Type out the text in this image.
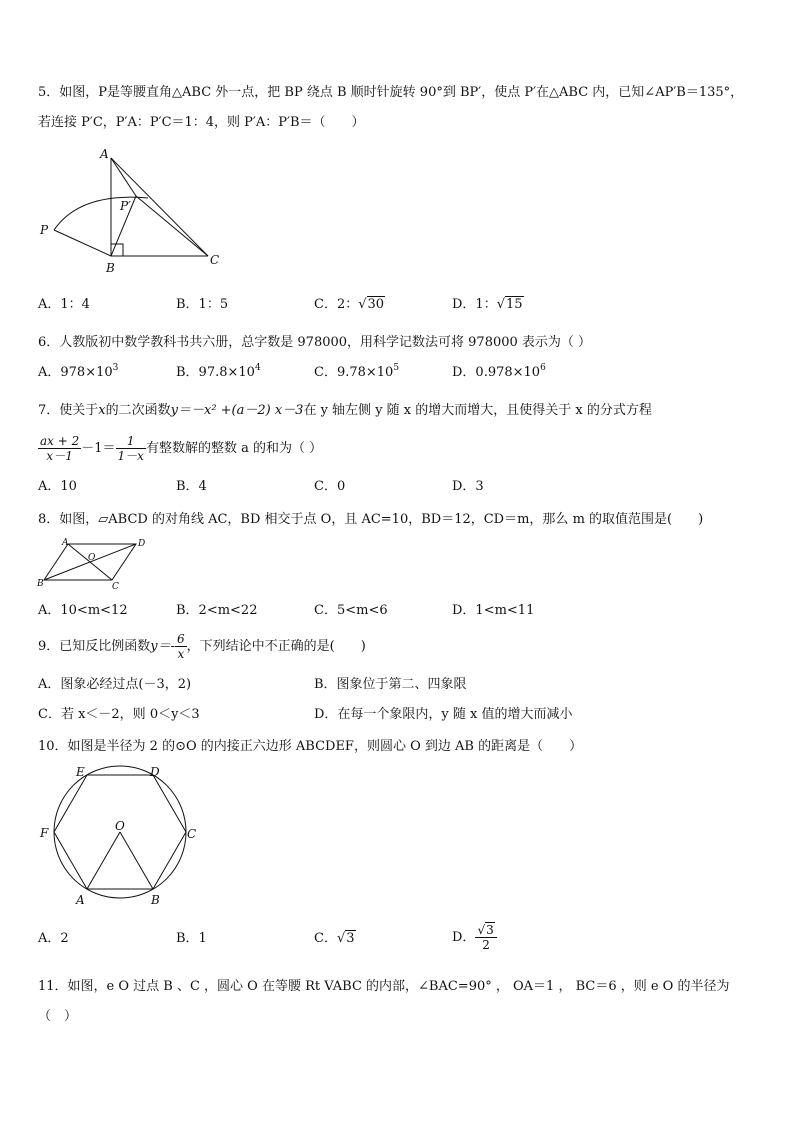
5．如图，P是等腰直角△ABC 外一点，把 BP 绕点 B 顺时针旋转 90°到 BP′，使点 P′在△ABC 内，已知∠AP′B＝135°，
若连接 P′C，P′A：P′C＝1：4，则 P′A：P′B＝（　　）
A
P′
P
B
C
A．1：4	B．1：5	C．2：√30	D．1：√15
6．人教版初中数学教科书共六册，总字数是 978000，用科学记数法可将 978000 表示为（ ）
A．$978\times 10^3$	B．$97.8\times 10^4$	C．$9.78\times 10^5$	D．$0.978\times 10^6$
7．使关于x的二次函数y＝－x² +(a－2) x－3在 y 轴左侧 y 随 x 的增大而增大，且使得关于 x 的分式方程
$\frac{ax + 2}{x-1} -1= \frac{1}{1-x}$ 有整数解的整数 a 的和为（ ）
A．10	B．4	C．0	D．3
8．如图，▱ABCD 的对角线 AC，BD 相交于点 O，且 AC=10，BD＝12，CD＝m，那么 m 的取值范围是(　　)
A	D
B	C
O
A．10<m<12	B．2<m<22	C．5<m<6	D．1<m<11
9．已知反比例函数$y=- \frac{6}{x}$ ，下列结论中不正确的是(　　)
A．图象必经过点(－3，2)	B．图象位于第二、四象限
C．若 x＜－2，则 0＜y＜3	D．在每一个象限内，y 随 x 值的增大而减小
10．如图是半径为 2 的⊙O 的内接正六边形 ABCDEF，则圆心 O 到边 AB 的距离是（　　）
E	D
F	C
O
A	B
A．2	B．1	C．√3	D． $\frac{√3}{2}$
11．如图，e O 过点 B 、C ，圆心 O 在等腰 Rt VABC 的内部，∠BAC=90° ， OA＝1 ， BC＝6 ，则 e O 的半径为
（　）
